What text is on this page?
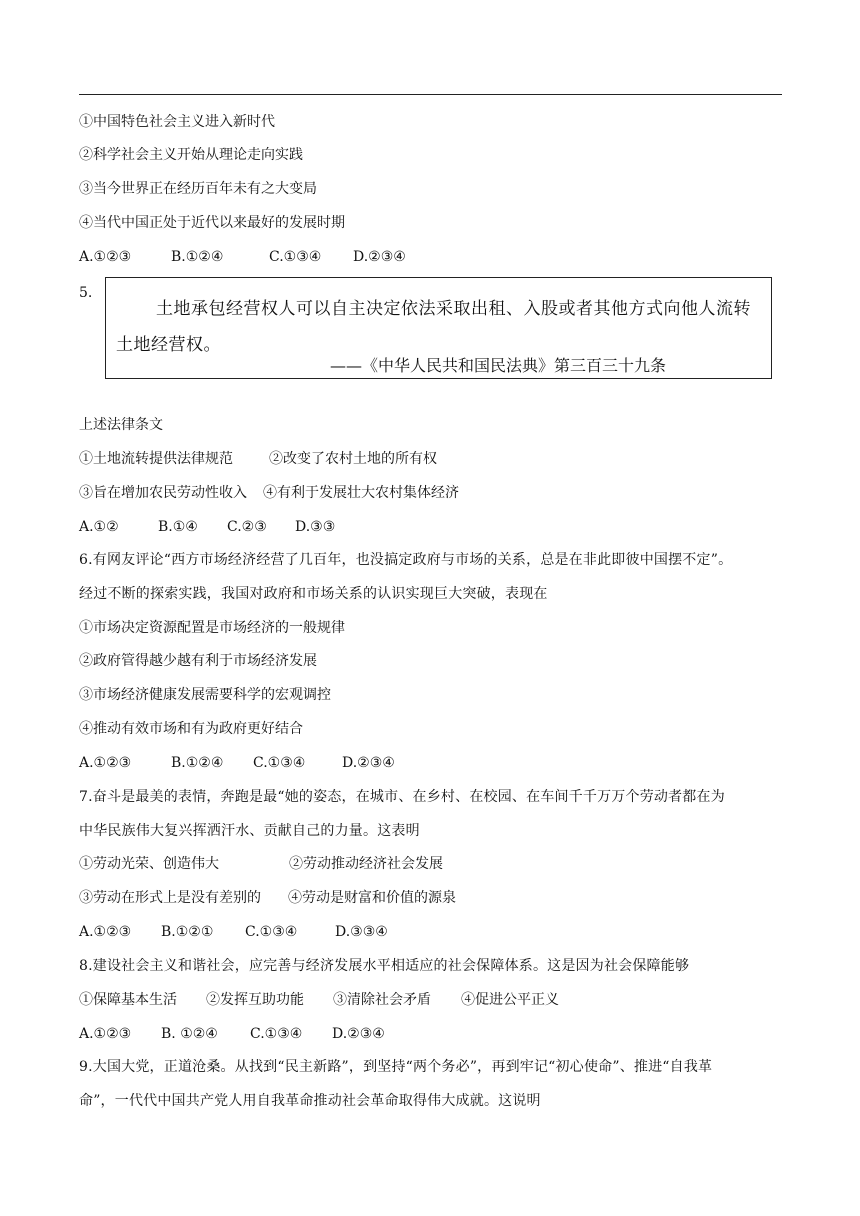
①中国特色社会主义进入新时代
②科学社会主义开始从理论走向实践
③当今世界正在经历百年未有之大变局
④当代中国正处于近代以来最好的发展时期
A.①②③	B.①②④	C.①③④ D.②③④
5.
土地承包经营权人可以自主决定依法采取出租、入股或者其他方式向他人流转土地经营权。
——《中华人民共和国民法典》第三百三十九条
上述法律条文
①土地流转提供法律规范	②改变了农村土地的所有权
③旨在增加农民劳动性收入 ④有利于发展壮大农村集体经济
A.①②	B.①④ C.②③ D.③③
6.有网友评论“西方市场经济经营了几百年，也没搞定政府与市场的关系，总是在非此即彼中国摆不定”。
经过不断的探索实践，我国对政府和市场关系的认识实现巨大突破，表现在
①市场决定资源配置是市场经济的一般规律
②政府管得越少越有利于市场经济发展
③市场经济健康发展需要科学的宏观调控
④推动有效市场和有为政府更好结合
A.①②③	B.①②④ C.①③④	D.②③④
7.奋斗是最美的表情，奔跑是最“她的姿态，在城市、在乡村、在校园、在车间千千万万个劳动者都在为
中华民族伟大复兴挥洒汗水、贡献自己的力量。这表明
①劳动光荣、创造伟大	②劳动推动经济社会发展
③劳动在形式上是没有差别的 ④劳动是财富和价值的源泉
A.①②③ B.①②① C.①③④	D.③③④
8.建设社会主义和谐社会，应完善与经济发展水平相适应的社会保障体系。这是因为社会保障能够
①保障基本生活 ②发挥互助功能 ③清除社会矛盾 ④促进公平正义
A.①②③ B. ①②④ C.①③④ D.②③④
9.大国大党，正道沧桑。从找到“民主新路”，到坚持“两个务必”，再到牢记“初心使命”、推进“自我革
命”，一代代中国共产党人用自我革命推动社会革命取得伟大成就。这说明
